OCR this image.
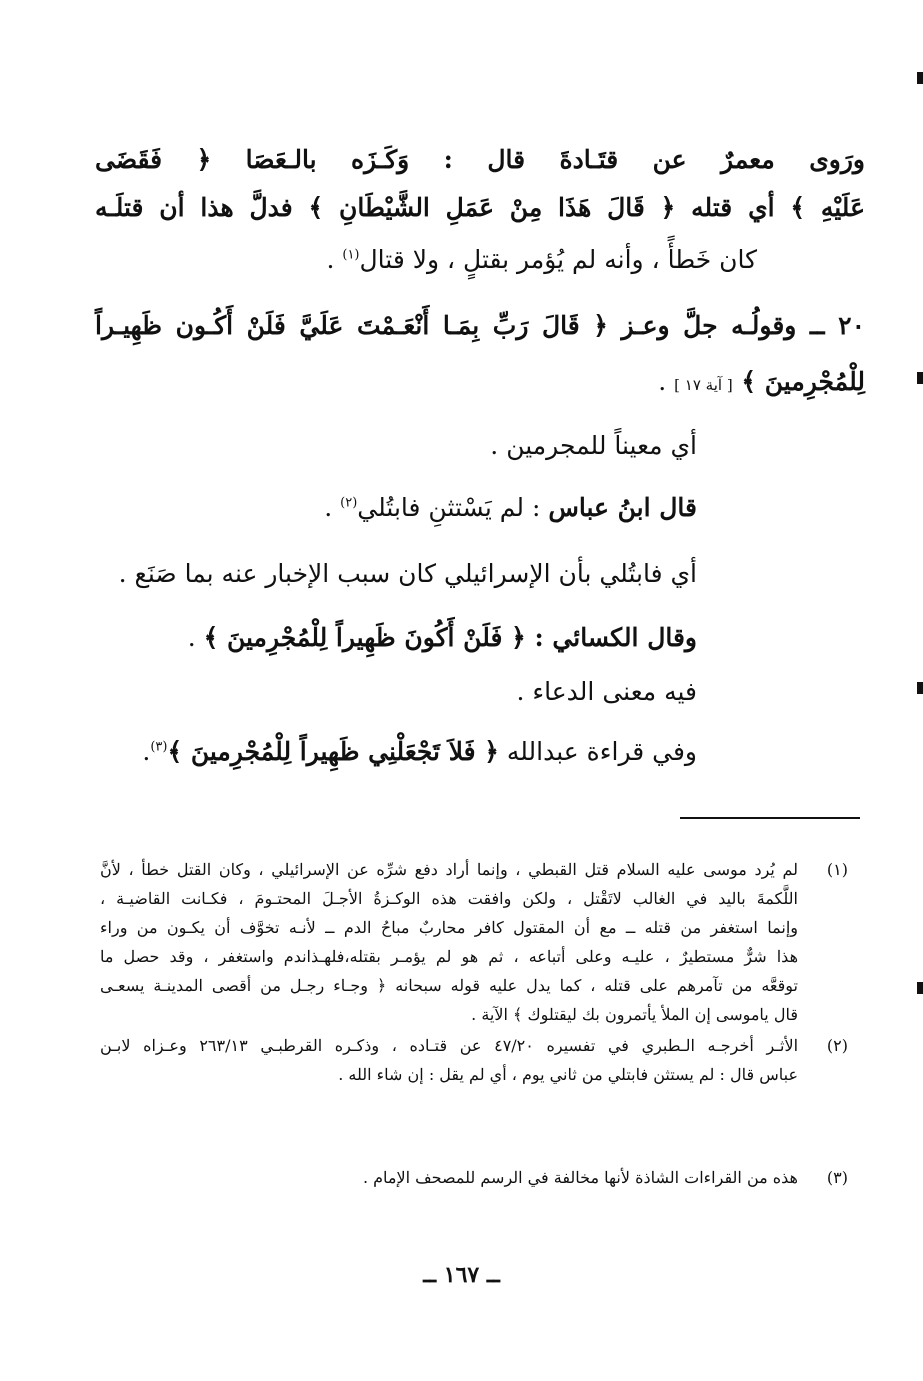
ورَوى معمرٌ عن قتَـادةَ قال : وَكَـزَه بالـعَصَا ﴿ فَقَضَى
عَلَيْهِ ﴾ أي قتله ﴿ قَالَ هَذَا مِنْ عَمَلِ الشَّيْطَانِ ﴾ فدلَّ هذا أن قتلَـه
كان خَطأً ، وأنه لم يُؤمر بقتلٍ ، ولا قتال$^{(١)}$ .
٢٠ ــ وقولُـه جلَّ وعـز ﴿ قَالَ رَبِّ بِمَـا أَنْعَـمْتَ عَلَيَّ فَلَنْ أَكُـون ظَهِيـراً
لِلْمُجْرِمينَ ﴾ [ آية ١٧ ] .
أي معيناً للمجرمين .
قال ابنُ عباس : لم يَسْتثنِ فابتُلي$^{(٢)}$ .
أي فابتُلي بأن الإسرائيلي كان سبب الإخبار عنه بما صَنَع .
وقال الكسائي : ﴿ فَلَنْ أَكُونَ ظَهِيراً لِلْمُجْرِمينَ ﴾ .
فيه معنى الدعاء .
وفي قراءة عبدالله ﴿ فَلاَ تَجْعَلْنِي ظَهِيراً لِلْمُجْرِمينَ ﴾$^{(٣)}$.
(١)
لم يُرد موسى عليه السلام قتل القبطي ، وإنما أراد دفع شرِّه عن الإسرائيلي ، وكان القتل خطأ ، لأنَّ
اللَّكمةَ باليد في الغالب لاتَقْتل ، ولكن وافقت هذه الوكـزةُ الأجـلَ المحتـومَ ، فكـانت القاضيـة ،
وإنما استغفر من قتله ــ مع أن المقتول كافر محاربٌ مباحُ الدم ــ لأنـه تخوَّف أن يكـون من وراء
هذا شرٌّ مستطيرٌ ، عليـه وعلى أتباعه ، ثم هو لم يؤمـر بقتله،فلهـذاندم واستغفر ، وقد حصل ما
توقعَّه من تآمرهم على قتله ، كما يدل عليه قوله سبحانه ﴿ وجـاء رجـل من أقصى المدينـة يسعـى
قال ياموسى إن الملأ يأتمرون بك ليقتلوك ﴾ الآية .
(٢)
الأثـر أخرجـه الـطبري في تفسيره ٤٧/٢٠ عن قتـاده ، وذكـره القرطبـي ٢٦٣/١٣ وعـزاه لابـن
عباس قال : لم يستثن فابتلي من ثاني يوم ، أي لم يقل : إن شاء الله .
(٣)
هذه من القراءات الشاذة لأنها مخالفة في الرسم للمصحف الإمام .
ــ ١٦٧ ــ
